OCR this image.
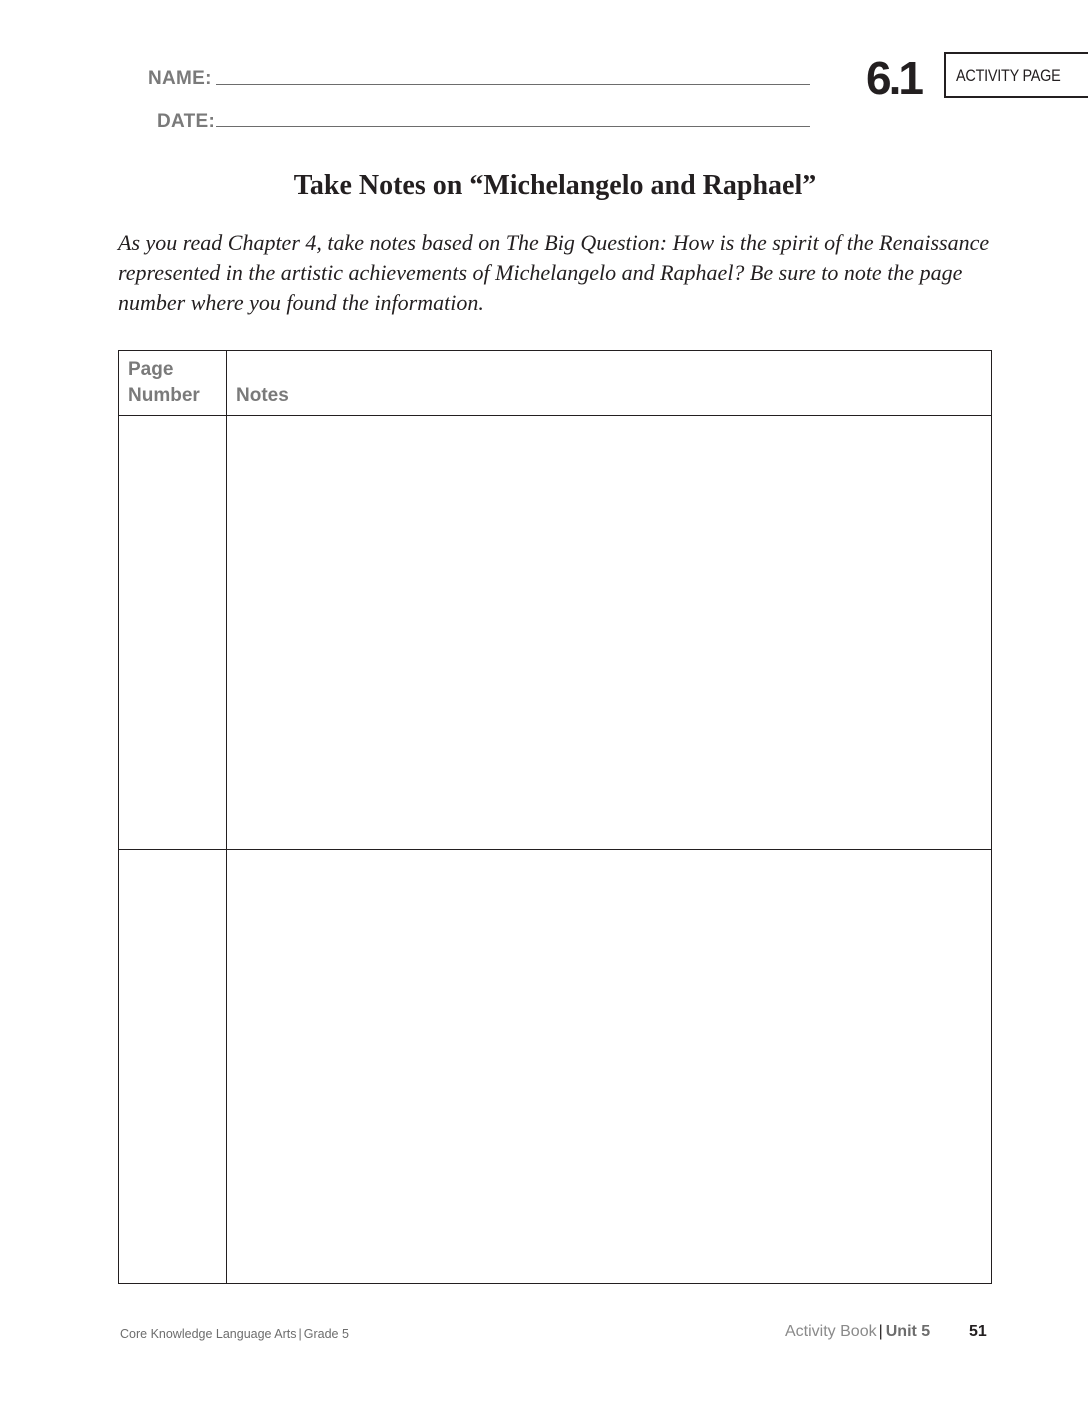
NAME:
DATE:
6.1 ACTIVITY PAGE
Take Notes on “Michelangelo and Raphael”
As you read Chapter 4, take notes based on The Big Question: How is the spirit of the Renaissance represented in the artistic achievements of Michelangelo and Raphael? Be sure to note the page number where you found the information.
Page Number	Notes

Core Knowledge Language Arts | Grade 5	Activity Book | Unit 5 51
